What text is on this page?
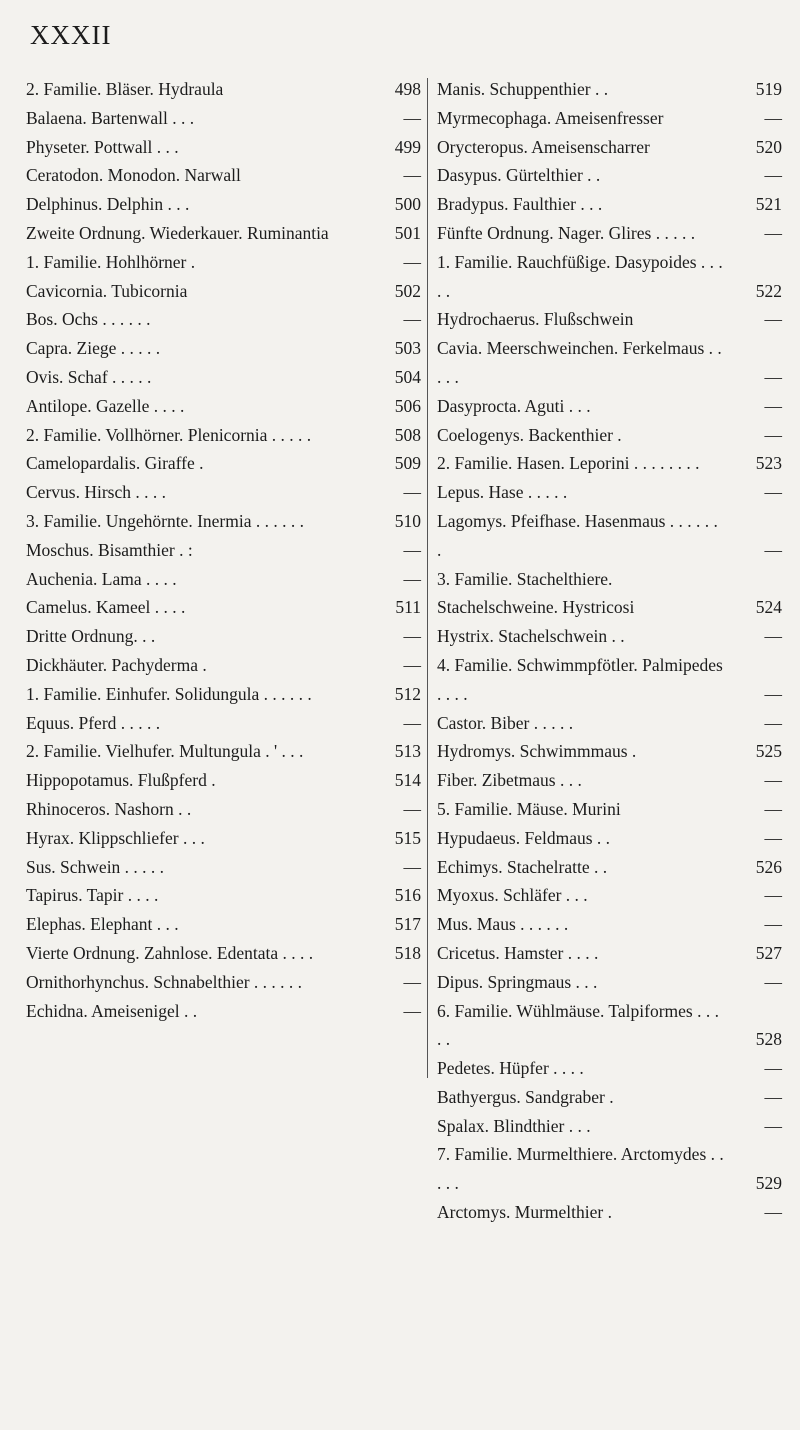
XXXII
2. Familie. Bläser. Hydraula	498
Balaena. Bartenwall . . .	—
Physeter. Pottwall . . .	499
Ceratodon. Monodon. Narwall	—
Delphinus. Delphin . . .	500
Zweite Ordnung. Wiederkauer. Ruminantia	501
1. Familie. Hohlhörner .	—
Cavicornia. Tubicornia	502
Bos. Ochs . . . . . .	—
Capra. Ziege . . . . .	503
Ovis. Schaf . . . . .	504
Antilope. Gazelle . . . .	506
2. Familie. Vollhörner. Plenicornia . . . . .	508
Camelopardalis. Giraffe .	509
Cervus. Hirsch . . . .	—
3. Familie. Ungehörnte. Inermia . . . . . .	510
Moschus. Bisamthier . :	—
Auchenia. Lama . . . .	—
Camelus. Kameel . . . .	511
Dritte Ordnung. . .	—
Dickhäuter. Pachyderma .	—
1. Familie. Einhufer. Solidungula . . . . . .	512
Equus. Pferd . . . . .	—
2. Familie. Vielhufer. Multungula . ' . . .	513
Hippopotamus. Flußpferd .	514
Rhinoceros. Nashorn . .	—
Hyrax. Klippschliefer . . .	515
Sus. Schwein . . . . .	—
Tapirus. Tapir . . . .	516
Elephas. Elephant . . .	517
Vierte Ordnung. Zahnlose. Edentata . . . .	518
Ornithorhynchus. Schnabelthier . . . . . .	—
Echidna. Ameisenigel . .	—
Manis. Schuppenthier . .	519
Myrmecophaga. Ameisenfresser	—
Orycteropus. Ameisenscharrer	520
Dasypus. Gürtelthier . .	—
Bradypus. Faulthier . . .	521
Fünfte Ordnung. Nager. Glires . . . . .	—
1. Familie. Rauchfüßige. Dasypoides . . . . .	522
Hydrochaerus. Flußschwein	—
Cavia. Meerschweinchen. Ferkelmaus . . . . .	—
Dasyprocta. Aguti . . .	—
Coelogenys. Backenthier .	—
2. Familie. Hasen. Leporini . . . . . . . .	523
Lepus. Hase . . . . .	—
Lagomys. Pfeifhase. Hasenmaus . . . . . . .	—
3. Familie. Stachelthiere. Stachelschweine. Hystricosi	524
Hystrix. Stachelschwein . .	—
4. Familie. Schwimmpfötler. Palmipedes . . . .	—
Castor. Biber . . . . .	—
Hydromys. Schwimmmaus .	525
Fiber. Zibetmaus . . .	—
5. Familie. Mäuse. Murini	—
Hypudaeus. Feldmaus . .	—
Echimys. Stachelratte . .	526
Myoxus. Schläfer . . .	—
Mus. Maus . . . . . .	—
Cricetus. Hamster . . . .	527
Dipus. Springmaus . . .	—
6. Familie. Wühlmäuse. Talpiformes . . . . .	528
Pedetes. Hüpfer . . . .	—
Bathyergus. Sandgraber .	—
Spalax. Blindthier . . .	—
7. Familie. Murmelthiere. Arctomydes . . . . .	529
Arctomys. Murmelthier .	—
